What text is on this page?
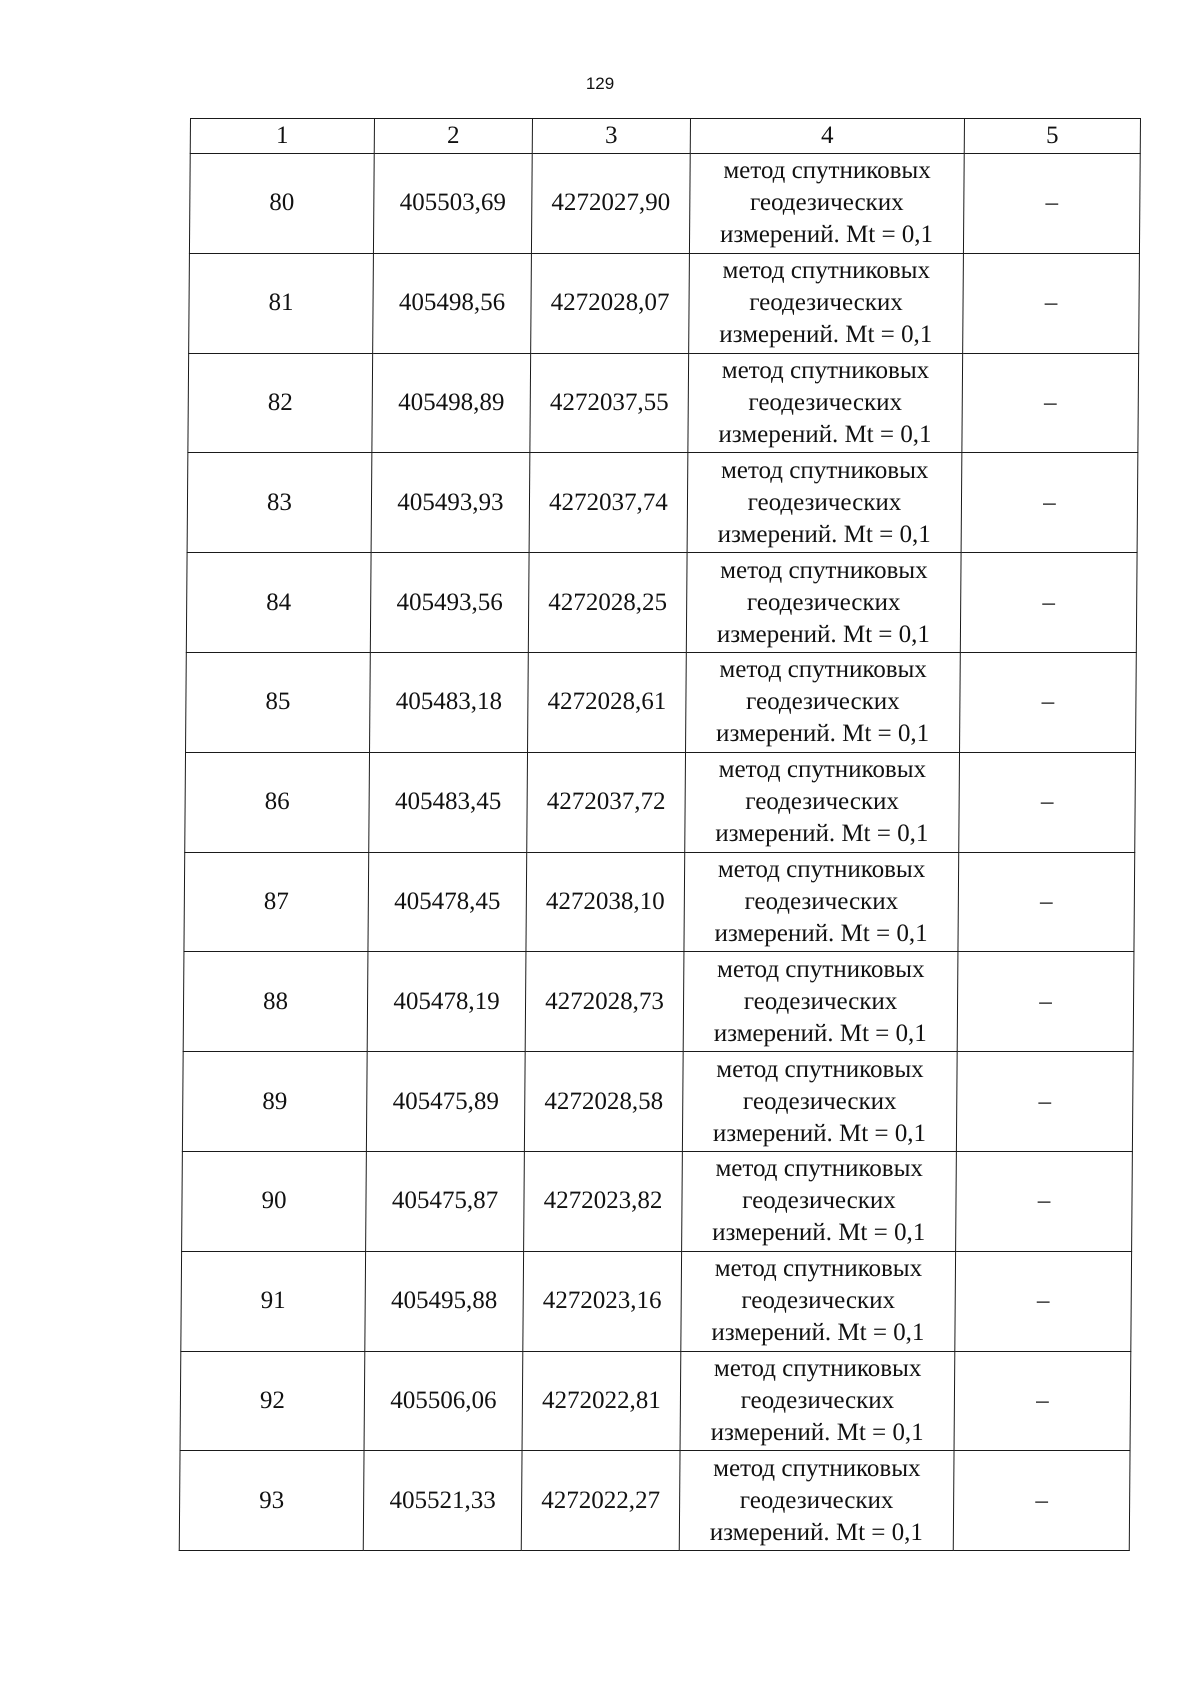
129
1	2	3	4	5
80	405503,69	4272027,90	метод спутниковых
геодезических
измерений. Mt = 0,1	–
81	405498,56	4272028,07	метод спутниковых
геодезических
измерений. Mt = 0,1	–
82	405498,89	4272037,55	метод спутниковых
геодезических
измерений. Mt = 0,1	–
83	405493,93	4272037,74	метод спутниковых
геодезических
измерений. Mt = 0,1	–
84	405493,56	4272028,25	метод спутниковых
геодезических
измерений. Mt = 0,1	–
85	405483,18	4272028,61	метод спутниковых
геодезических
измерений. Mt = 0,1	–
86	405483,45	4272037,72	метод спутниковых
геодезических
измерений. Mt = 0,1	–
87	405478,45	4272038,10	метод спутниковых
геодезических
измерений. Mt = 0,1	–
88	405478,19	4272028,73	метод спутниковых
геодезических
измерений. Mt = 0,1	–
89	405475,89	4272028,58	метод спутниковых
геодезических
измерений. Mt = 0,1	–
90	405475,87	4272023,82	метод спутниковых
геодезических
измерений. Mt = 0,1	–
91	405495,88	4272023,16	метод спутниковых
геодезических
измерений. Mt = 0,1	–
92	405506,06	4272022,81	метод спутниковых
геодезических
измерений. Mt = 0,1	–
93	405521,33	4272022,27	метод спутниковых
геодезических
измерений. Mt = 0,1	–
